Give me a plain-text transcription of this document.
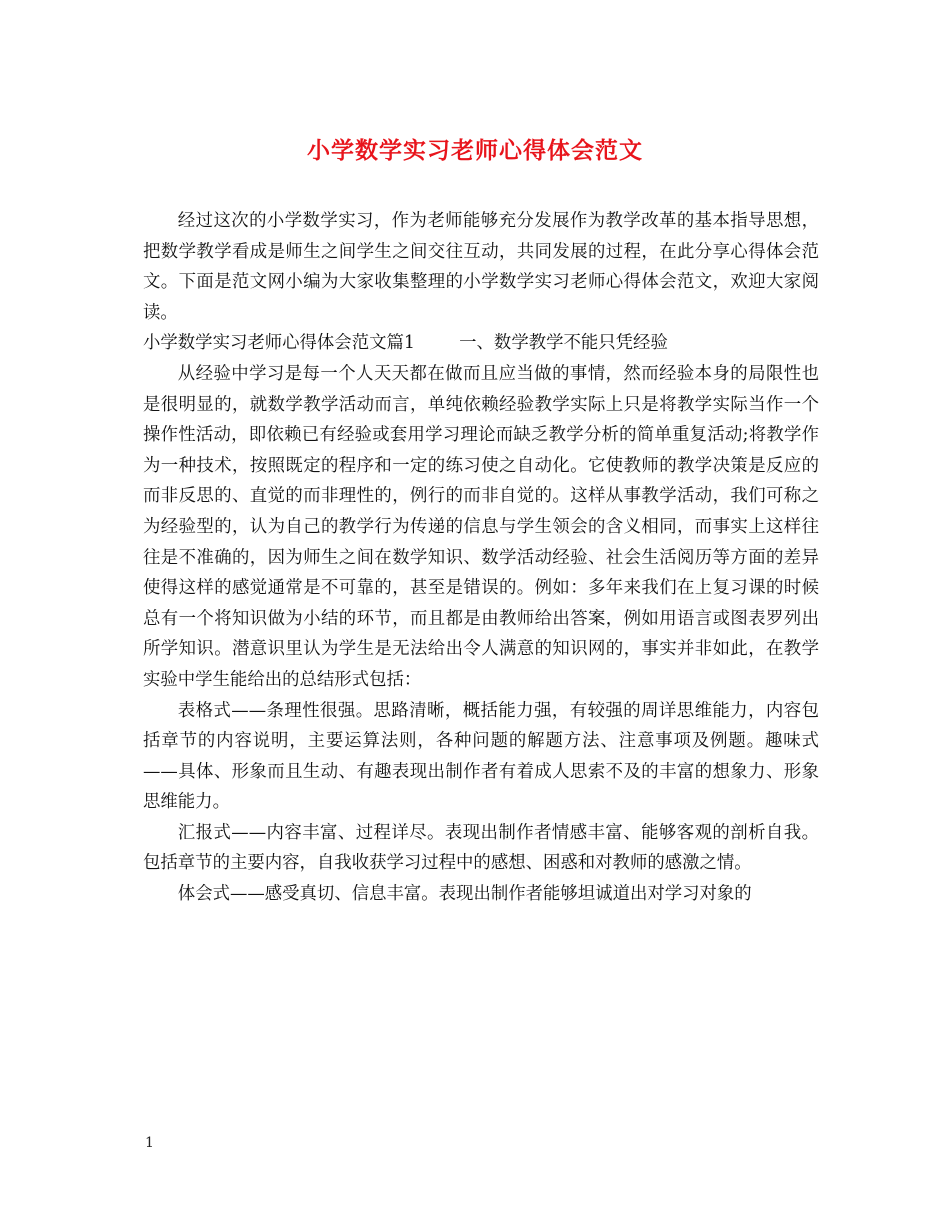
小学数学实习老师心得体会范文

经过这次的小学数学实习，作为老师能够充分发展作为教学改革的基本指导思想，把数学教学看成是师生之间学生之间交往互动，共同发展的过程，在此分享心得体会范文。下面是范文网小编为大家收集整理的小学数学实习老师心得体会范文，欢迎大家阅读。

小学数学实习老师心得体会范文篇1        一、数学教学不能只凭经验

从经验中学习是每一个人天天都在做而且应当做的事情，然而经验本身的局限性也是很明显的，就数学教学活动而言，单纯依赖经验教学实际上只是将教学实际当作一个操作性活动，即依赖已有经验或套用学习理论而缺乏教学分析的简单重复活动;将教学作为一种技术，按照既定的程序和一定的练习使之自动化。它使教师的教学决策是反应的而非反思的、直觉的而非理性的，例行的而非自觉的。这样从事教学活动，我们可称之为经验型的，认为自己的教学行为传递的信息与学生领会的含义相同，而事实上这样往往是不准确的，因为师生之间在数学知识、数学活动经验、社会生活阅历等方面的差异使得这样的感觉通常是不可靠的，甚至是错误的。例如：多年来我们在上复习课的时候总有一个将知识做为小结的环节，而且都是由教师给出答案，例如用语言或图表罗列出所学知识。潜意识里认为学生是无法给出令人满意的知识网的，事实并非如此，在教学实验中学生能给出的总结形式包括：

表格式——条理性很强。思路清晰，概括能力强，有较强的周详思维能力，内容包括章节的内容说明，主要运算法则，各种问题的解题方法、注意事项及例题。趣味式——具体、形象而且生动、有趣表现出制作者有着成人思索不及的丰富的想象力、形象思维能力。

汇报式——内容丰富、过程详尽。表现出制作者情感丰富、能够客观的剖析自我。包括章节的主要内容，自我收获学习过程中的感想、困惑和对教师的感激之情。

体会式——感受真切、信息丰富。表现出制作者能够坦诚道出对学习对象的

1
